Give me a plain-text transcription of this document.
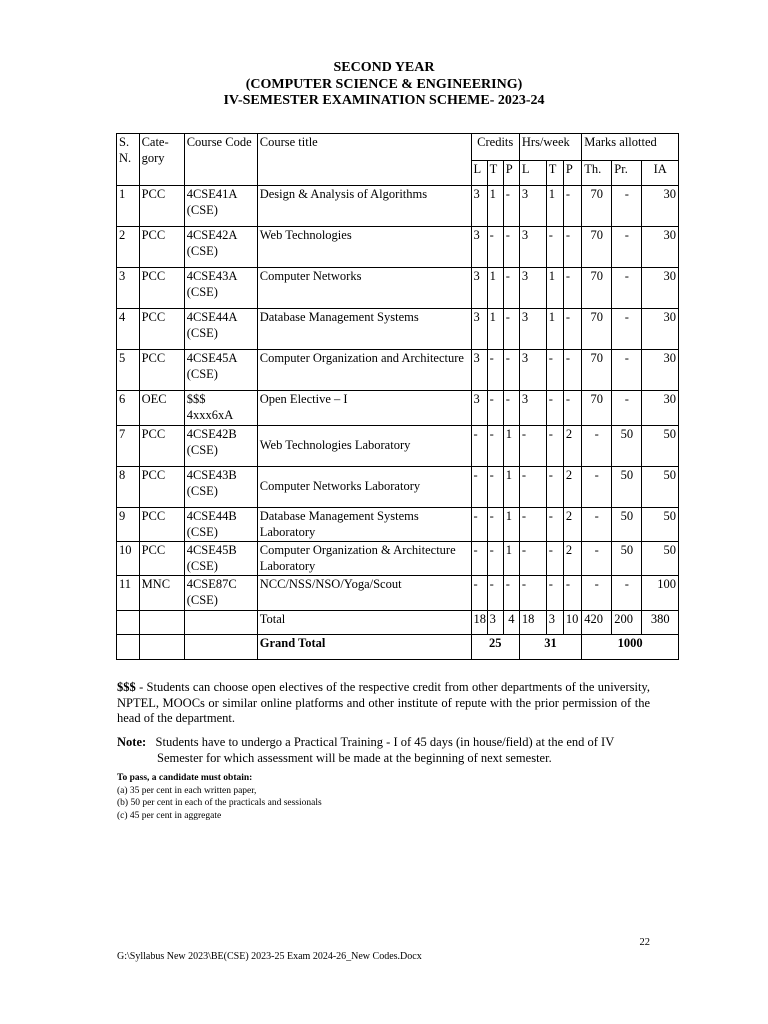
SECOND YEAR
(COMPUTER SCIENCE & ENGINEERING)
IV-SEMESTER EXAMINATION SCHEME- 2023-24
S. N.	Cate- gory	Course Code	Course title	Credits			Hrs/week			Marks allotted		
				L	T	P	L	T	P	Th.	Pr.	IA
1	PCC	4CSE41A (CSE)	Design & Analysis of Algorithms	3	1	-	3	1	-	70	-	30
2	PCC	4CSE42A (CSE)	Web Technologies	3	-	-	3	-	-	70	-	30
3	PCC	4CSE43A (CSE)	Computer Networks	3	1	-	3	1	-	70	-	30
4	PCC	4CSE44A (CSE)	Database Management Systems	3	1	-	3	1	-	70	-	30
5	PCC	4CSE45A (CSE)	Computer Organization and Architecture	3	-	-	3	-	-	70	-	30
6	OEC	$$$ 4xxx6xA	Open Elective – I	3	-	-	3	-	-	70	-	30
7	PCC	4CSE42B (CSE)	Web Technologies Laboratory	-	-	1	-	-	2	-	50	50
8	PCC	4CSE43B (CSE)	Computer Networks Laboratory	-	-	1	-	-	2	-	50	50
9	PCC	4CSE44B (CSE)	Database Management Systems Laboratory	-	-	1	-	-	2	-	50	50
10	PCC	4CSE45B (CSE)	Computer Organization & Architecture Laboratory	-	-	1	-	-	2	-	50	50
11	MNC	4CSE87C (CSE)	NCC/NSS/NSO/Yoga/Scout	-	-	-	-	-	-	-	-	100
			Total	18	3	4	18	3	10	420	200	380
			Grand Total	25			31			1000		
$$$ - Students can choose open electives of the respective credit from other departments of the university, NPTEL, MOOCs or similar online platforms and other institute of repute with the prior permission of the head of the department.
Note: Students have to undergo a Practical Training - I of 45 days (in house/field) at the end of IV
Semester for which assessment will be made at the beginning of next semester.
To pass, a candidate must obtain:
(a) 35 per cent in each written paper,
(b) 50 per cent in each of the practicals and sessionals
(c) 45 per cent in aggregate
22
G:\Syllabus New 2023\BE(CSE) 2023-25 Exam 2024-26_New Codes.Docx
